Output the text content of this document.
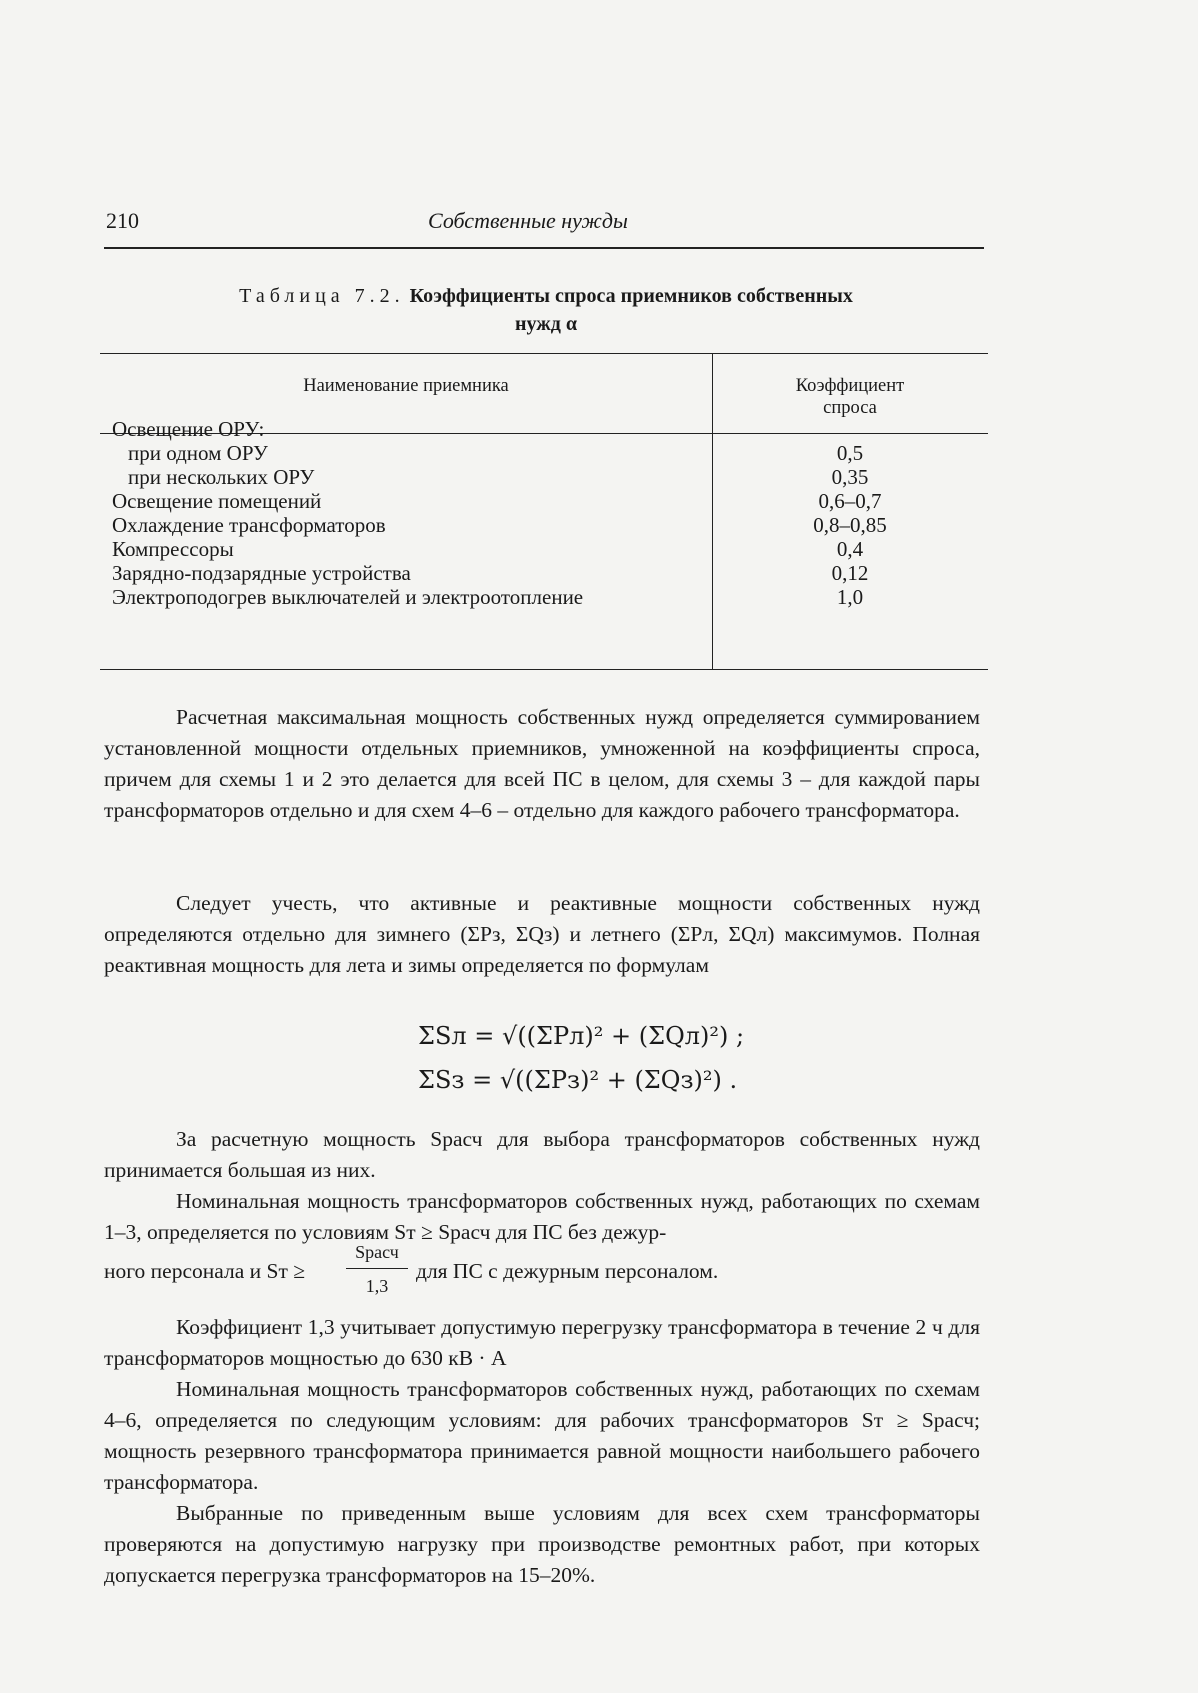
210	Собственные нужды
Таблица 7.2. Коэффициенты спроса приемников собственных
нужд α
Наименование приемника	Коэффициент
спроса
Освещение ОРУ:
при одном ОРУ	0,5
при нескольких ОРУ	0,35
Освещение помещений	0,6–0,7
Охлаждение трансформаторов	0,8–0,85
Компрессоры	0,4
Зарядно-подзарядные устройства	0,12
Электроподогрев выключателей и электроотопление	1,0

Расчетная максимальная мощность собственных нужд определяется суммированием установленной мощности отдельных приемников, умноженной на коэффициенты спроса, причем для схемы 1 и 2 это делается для всей ПС в целом, для схемы 3 – для каждой пары трансформаторов отдельно и для схем 4–6 – отдельно для каждого рабочего трансформатора.

Следует учесть, что активные и реактивные мощности собственных нужд определяются отдельно для зимнего (ΣPз, ΣQз) и летнего (ΣPл, ΣQл) максимумов. Полная реактивная мощность для лета и зимы определяется по формулам

ΣSл = √((ΣPл)² + (ΣQл)²) ;
ΣSз = √((ΣPз)² + (ΣQз)²) .

За расчетную мощность Sрасч для выбора трансформаторов собственных нужд принимается большая из них.

Номинальная мощность трансформаторов собственных нужд, работающих по схемам 1–3, определяется по условиям Sт ≥ Sрасч для ПС без дежур-

ного персонала и Sт ≥
Sрасч
1,3
для ПС с дежурным персоналом.

Коэффициент 1,3 учитывает допустимую перегрузку трансформатора в течение 2 ч для трансформаторов мощностью до 630 кВ · А

Номинальная мощность трансформаторов собственных нужд, работающих по схемам 4–6, определяется по следующим условиям: для рабочих трансформаторов Sт ≥ Sрасч; мощность резервного трансформатора принимается равной мощности наибольшего рабочего трансформатора.

Выбранные по приведенным выше условиям для всех схем трансформаторы проверяются на допустимую нагрузку при производстве ремонтных работ, при которых допускается перегрузка трансформаторов на 15–20%.
